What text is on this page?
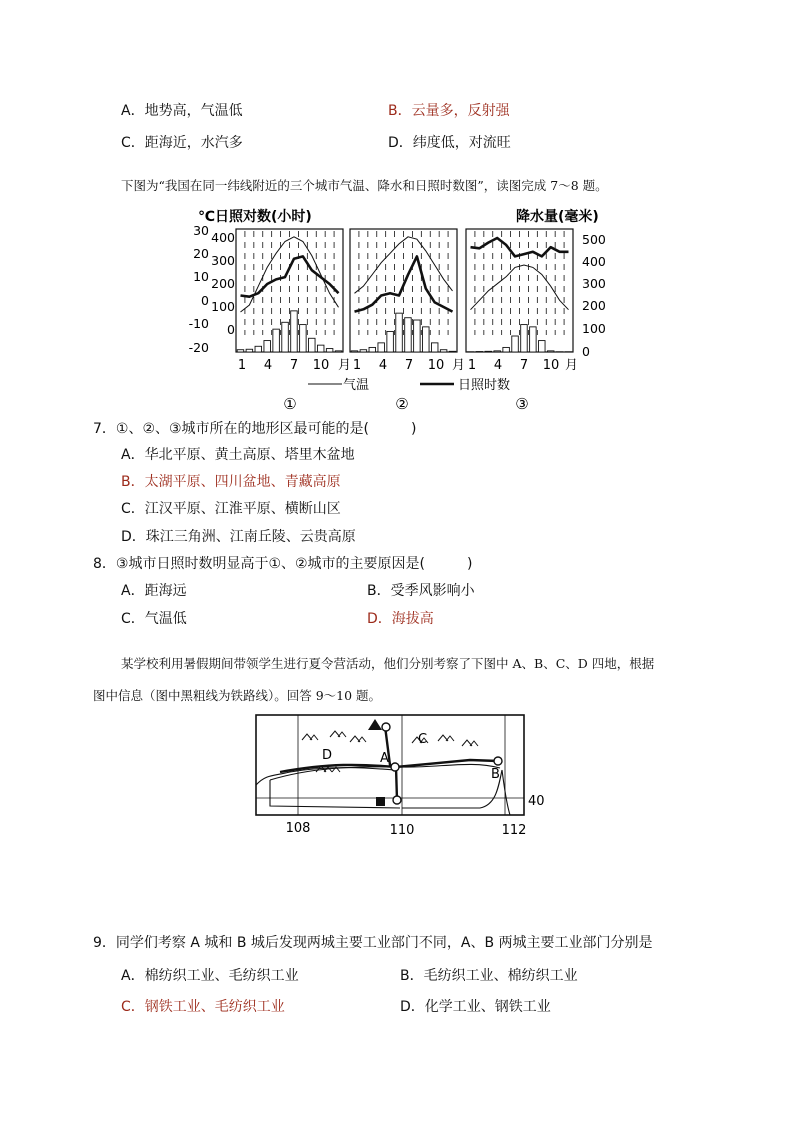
A．地势高，气温低	B．云量多，反射强
C．距海近，水汽多	D．纬度低，对流旺
下图为“我国在同一纬线附近的三个城市气温、降水和日照时数图”，读图完成 7～8 题。
℃日照对数(小时)	降水量(毫米)
30
20
10
0
-10
-20
400
300
200
100
0
500
400
300
200
100
0
1 4 7 10 月 1 4 7 10 月 1 4 7 10 月
气温	日照时数
①	②	③
7．①、②、③城市所在的地形区最可能的是(　　　)
A．华北平原、黄土高原、塔里木盆地
B．太湖平原、四川盆地、青藏高原
C．江汉平原、江淮平原、横断山区
D．珠江三角洲、江南丘陵、云贵高原
8．③城市日照时数明显高于①、②城市的主要原因是(　　　)
A．距海远	B．受季风影响小
C．气温低	D．海拔高
某学校利用暑假期间带领学生进行夏令营活动，他们分别考察了下图中 A、B、C、D 四地，根据
图中信息（图中黑粗线为铁路线）。回答 9～10 题。
D	A
C
B
108	110	112
40
9．同学们考察 A 城和 B 城后发现两城主要工业部门不同，A、B 两城主要工业部门分别是
A．棉纺织工业、毛纺织工业	B．毛纺织工业、棉纺织工业
C．钢铁工业、毛纺织工业	D．化学工业、钢铁工业
